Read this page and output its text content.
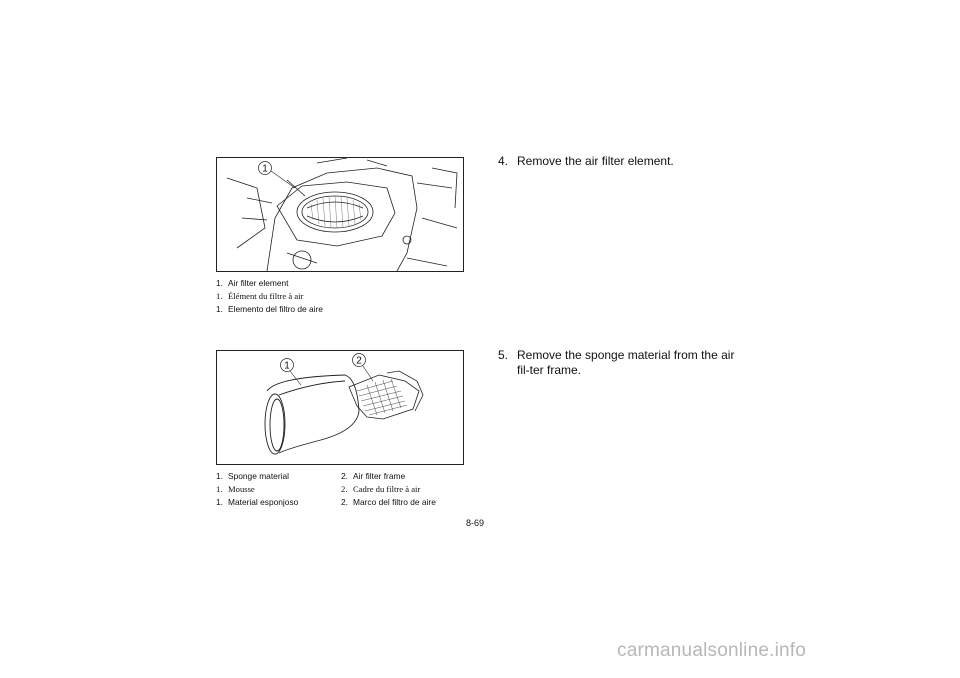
1
1. Air filter element
1. Élément du filtre à air
1. Elemento del filtro de aire
1	2
1. Sponge material
1. Mousse
1. Material esponjoso
2. Air filter frame
2. Cadre du filtre à air
2. Marco del filtro de aire
4. Remove the air filter element.
5. Remove the sponge material from the air fil-ter frame.
8-69
carmanualsonline.info
